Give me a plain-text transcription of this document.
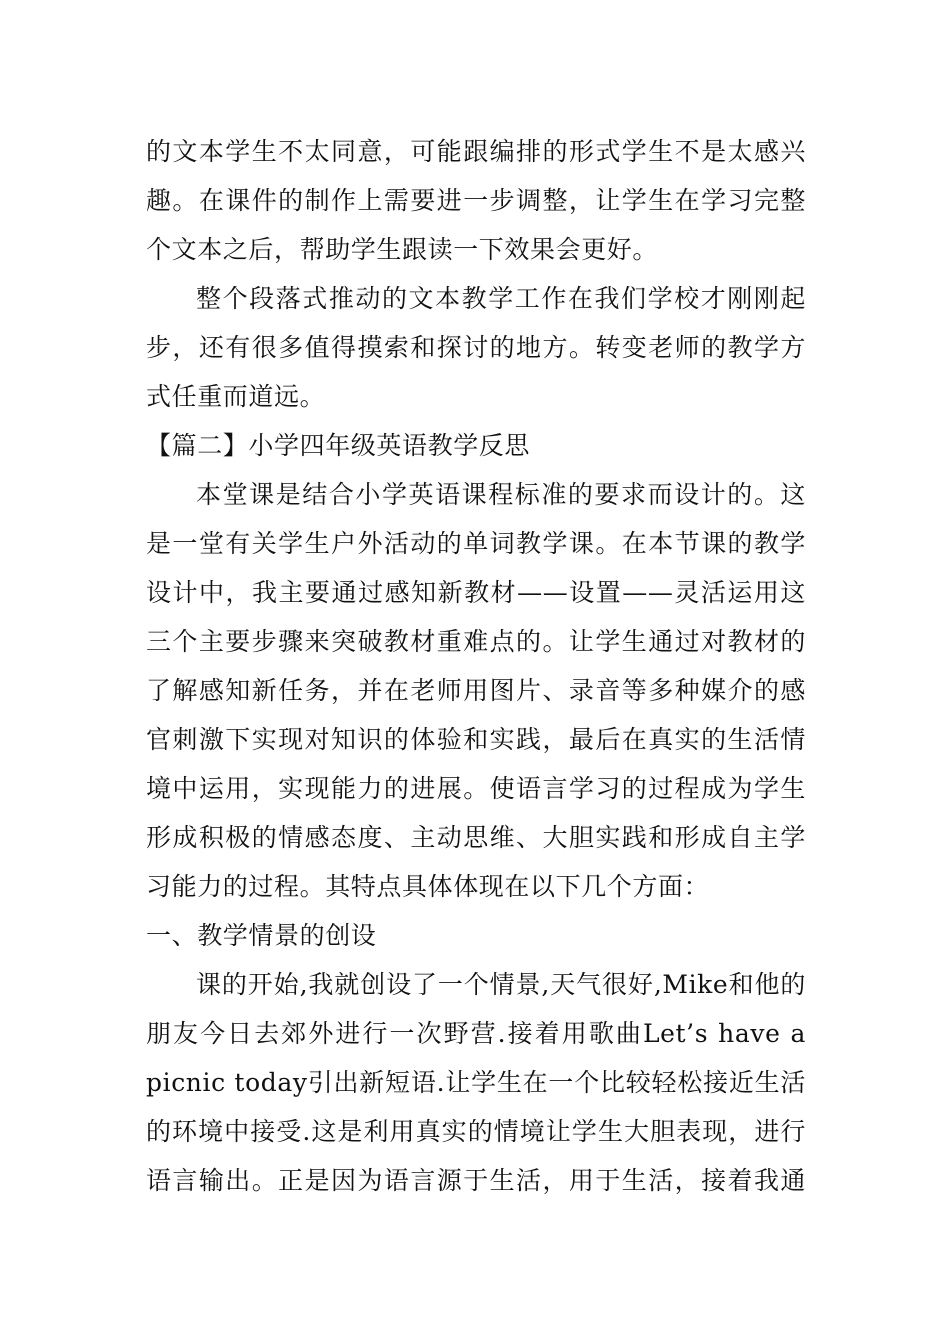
的文本学生不太同意，可能跟编排的形式学生不是太感兴
趣。在课件的制作上需要进一步调整，让学生在学习完整
个文本之后，帮助学生跟读一下效果会更好。
整个段落式推动的文本教学工作在我们学校才刚刚起
步，还有很多值得摸索和探讨的地方。转变老师的教学方
式任重而道远。
【篇二】小学四年级英语教学反思
本堂课是结合小学英语课程标准的要求而设计的。这
是一堂有关学生户外活动的单词教学课。在本节课的教学
设计中，我主要通过感知新教材——设置——灵活运用这
三个主要步骤来突破教材重难点的。让学生通过对教材的
了解感知新任务，并在老师用图片、录音等多种媒介的感
官刺激下实现对知识的体验和实践，最后在真实的生活情
境中运用，实现能力的进展。使语言学习的过程成为学生
形成积极的情感态度、主动思维、大胆实践和形成自主学
习能力的过程。其特点具体体现在以下几个方面：
一、教学情景的创设
课的开始,我就创设了一个情景,天气很好,Mike和他的
朋友今日去郊外进行一次野营.接着用歌曲Let’s have a
picnic today引出新短语.让学生在一个比较轻松接近生活
的环境中接受.这是利用真实的情境让学生大胆表现，进行
语言输出。正是因为语言源于生活，用于生活，接着我通
